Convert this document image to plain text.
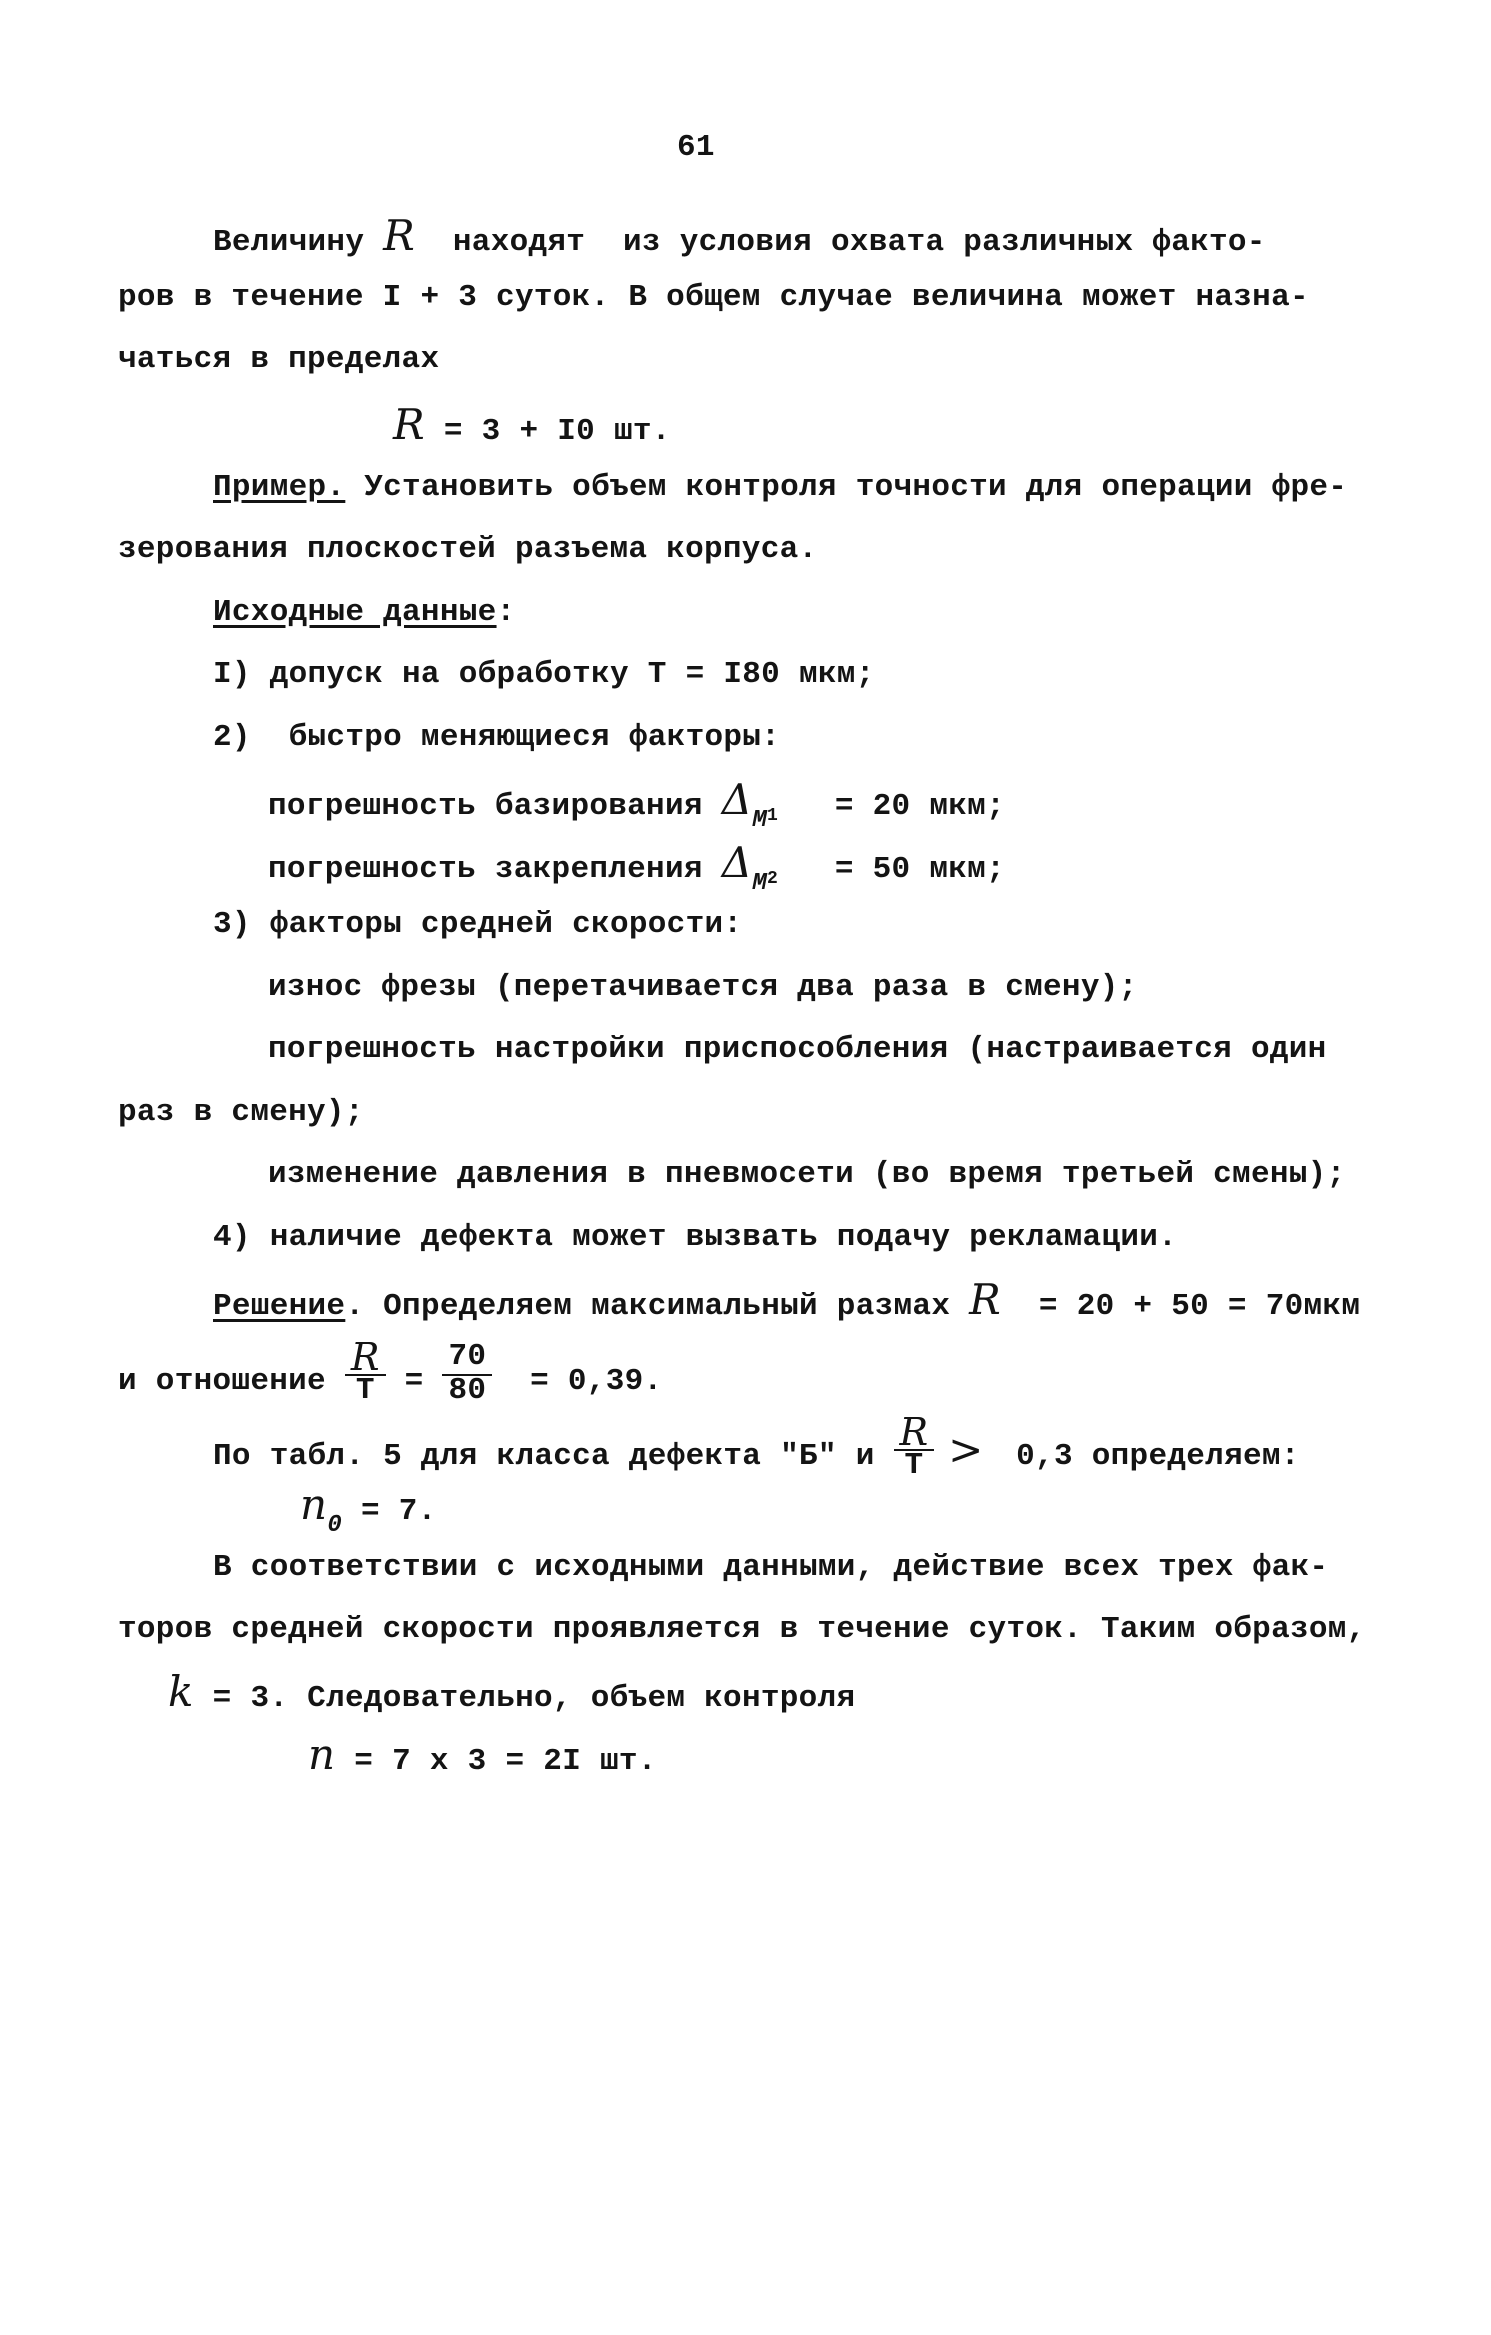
61
Величину R  находят  из условия охвата различных факто-
ров в течение I + 3 суток. В общем случае величина может назна-
чаться в пределах
R = 3 + I0 шт.
Пример. Установить объем контроля точности для операции фре-
зерования плоскостей разъема корпуса.
Исходные данные:
I) допуск на обработку Т = I80 мкм;
2)  быстро меняющиеся факторы:
погрешность базирования $\Delta_M1 = 20$ мкм;
погрешность закрепления $\Delta_M2 = 50$ мкм;
3) факторы средней скорости:
износ фрезы (перетачивается два раза в смену);
погрешность настройки приспособления (настраивается один
раз в смену);
изменение давления в пневмосети (во время третьей смены);
4) наличие дефекта может вызвать подачу рекламации.
Решение. Определяем максимальный размах R  = 20 + 50 = 70мкм
и отношение $\frac{R}{T} = \frac{70}{80} = 0,39$.
По табл. 5 для класса дефекта "Б" и $\frac{R}{T} > 0,3$ определяем:
$n_0 = 7$.
В соответствии с исходными данными, действие всех трех фак-
торов средней скорости проявляется в течение суток. Таким образом,
k = 3. Следовательно, объем контроля
n = 7 x 3 = 2I шт.
